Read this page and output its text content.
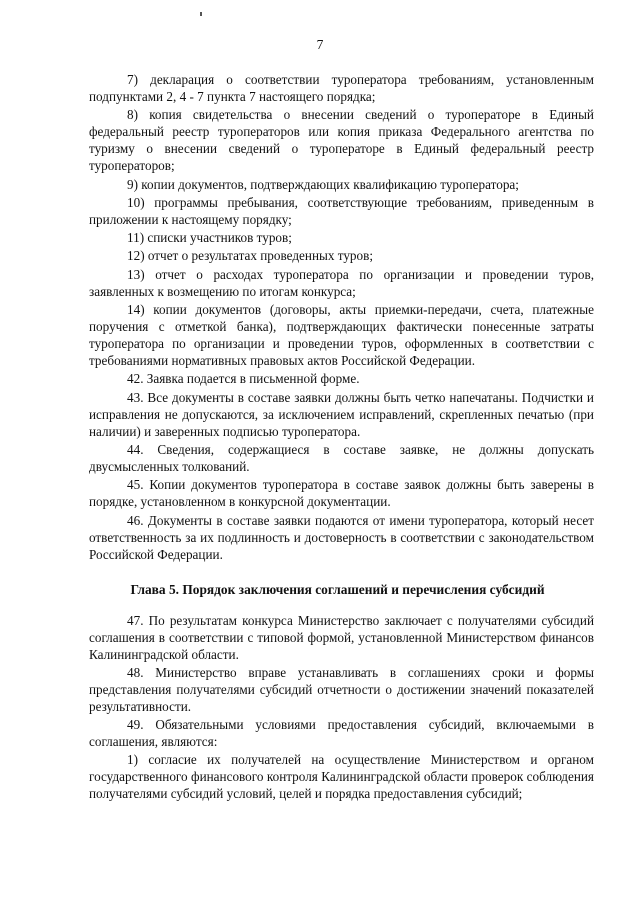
7

7) декларация о соответствии туроператора требованиям, установленным подпунктами 2, 4 - 7 пункта 7 настоящего порядка;

8) копия свидетельства о внесении сведений о туроператоре в Единый федеральный реестр туроператоров или копия приказа Федерального агентства по туризму о внесении сведений о туроператоре в Единый федеральный реестр туроператоров;

9) копии документов, подтверждающих квалификацию туроператора;

10) программы пребывания, соответствующие требованиям, приведенным в приложении к настоящему порядку;

11) списки участников туров;

12) отчет о результатах проведенных туров;

13) отчет о расходах туроператора по организации и проведении туров, заявленных к возмещению по итогам конкурса;

14) копии документов (договоры, акты приемки-передачи, счета, платежные поручения с отметкой банка), подтверждающих фактически понесенные затраты туроператора по организации и проведении туров, оформленных в соответствии с требованиями нормативных правовых актов Российской Федерации.

42. Заявка подается в письменной форме.

43. Все документы в составе заявки должны быть четко напечатаны. Подчистки и исправления не допускаются, за исключением исправлений, скрепленных печатью (при наличии) и заверенных подписью туроператора.

44. Сведения, содержащиеся в составе заявке, не должны допускать двусмысленных толкований.

45. Копии документов туроператора в составе заявок должны быть заверены в порядке, установленном в конкурсной документации.

46. Документы в составе заявки подаются от имени туроператора, который несет ответственность за их подлинность и достоверность в соответствии с законодательством Российской Федерации.

Глава 5. Порядок заключения соглашений и перечисления субсидий

47. По результатам конкурса Министерство заключает с получателями субсидий соглашения в соответствии с типовой формой, установленной Министерством финансов Калининградской области.

48. Министерство вправе устанавливать в соглашениях сроки и формы представления получателями субсидий отчетности о достижении значений показателей результативности.

49. Обязательными условиями предоставления субсидий, включаемыми в соглашения, являются:

1) согласие их получателей на осуществление Министерством и органом государственного финансового контроля Калининградской области проверок соблюдения получателями субсидий условий, целей и порядка предоставления субсидий;
